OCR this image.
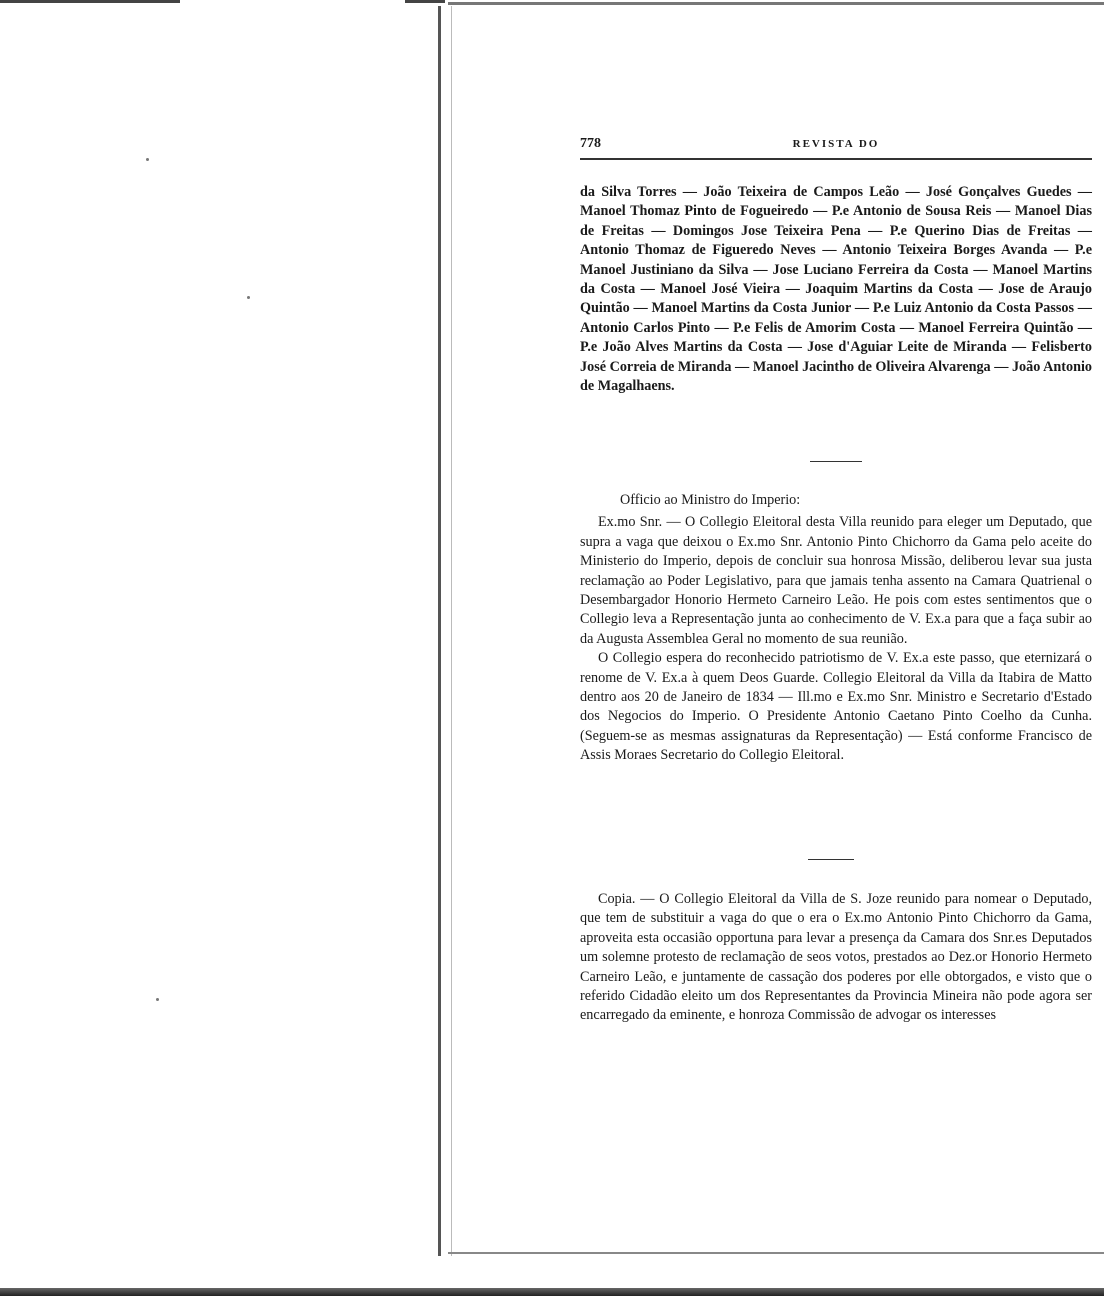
778	REVISTA DO

da Silva Torres — João Teixeira de Campos Leão — José Gonçalves Guedes — Manoel Thomaz Pinto de Fogueiredo — P.e Antonio de Sousa Reis — Manoel Dias de Freitas — Domingos Jose Teixeira Pena — P.e Querino Dias de Freitas — Antonio Thomaz de Figueredo Neves — Antonio Teixeira Borges Avanda — P.e Manoel Justiniano da Silva — Jose Luciano Ferreira da Costa — Manoel Martins da Costa — Manoel José Vieira — Joaquim Martins da Costa — Jose de Araujo Quintão — Manoel Martins da Costa Junior — P.e Luiz Antonio da Costa Passos — Antonio Carlos Pinto — P.e Felis de Amorim Costa — Manoel Ferreira Quintão — P.e João Alves Martins da Costa — Jose d'Aguiar Leite de Miranda — Felisberto José Correia de Miranda — Manoel Jacintho de Oliveira Alvarenga — João Antonio de Magalhaens.

Officio ao Ministro do Imperio:

Ex.mo Snr. — O Collegio Eleitoral desta Villa reunido para eleger um Deputado, que supra a vaga que deixou o Ex.mo Snr. Antonio Pinto Chichorro da Gama pelo aceite do Ministerio do Imperio, depois de concluir sua honrosa Missão, deliberou levar sua justa reclamação ao Poder Legislativo, para que jamais tenha assento na Camara Quatrienal o Desembargador Honorio Hermeto Carneiro Leão. He pois com estes sentimentos que o Collegio leva a Representação junta ao conhecimento de V. Ex.a para que a faça subir ao da Augusta Assemblea Geral no momento de sua reunião.

O Collegio espera do reconhecido patriotismo de V. Ex.a este passo, que eternizará o renome de V. Ex.a à quem Deos Guarde. Collegio Eleitoral da Villa da Itabira de Matto dentro aos 20 de Janeiro de 1834 — Ill.mo e Ex.mo Snr. Ministro e Secretario d'Estado dos Negocios do Imperio. O Presidente Antonio Caetano Pinto Coelho da Cunha. (Seguem-se as mesmas assignaturas da Representação) — Está conforme Francisco de Assis Moraes Secretario do Collegio Eleitoral.

Copia. — O Collegio Eleitoral da Villa de S. Joze reunido para nomear o Deputado, que tem de substituir a vaga do que o era o Ex.mo Antonio Pinto Chichorro da Gama, aproveita esta occasião opportuna para levar a presença da Camara dos Snr.es Deputados um solemne protesto de reclamação de seos votos, prestados ao Dez.or Honorio Hermeto Carneiro Leão, e juntamente de cassação dos poderes por elle obtorgados, e visto que o referido Cidadão eleito um dos Representantes da Provincia Mineira não pode agora ser encarregado da eminente, e honroza Commissão de advogar os interesses
